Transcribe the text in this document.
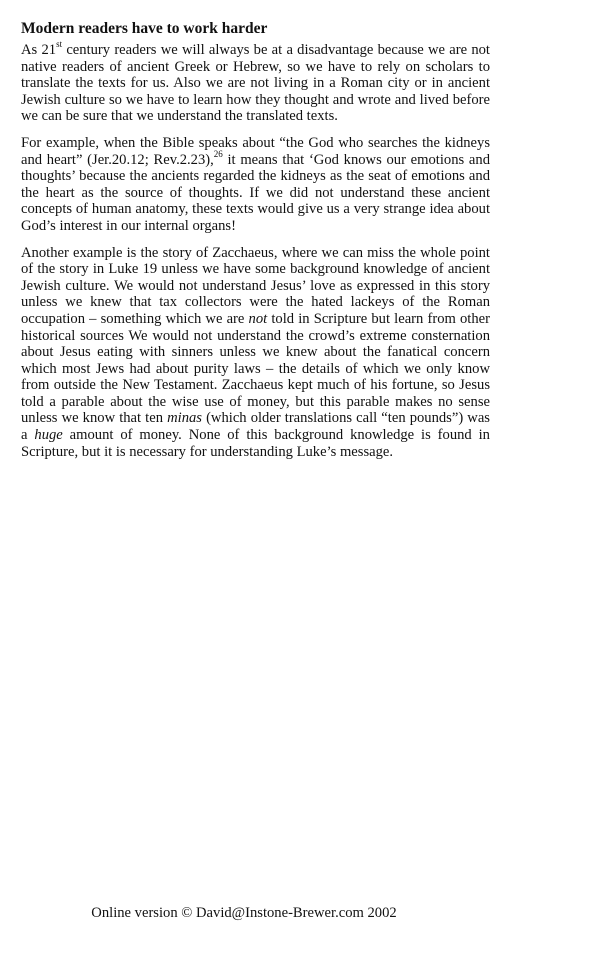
Modern readers have to work harder

As 21st century readers we will always be at a disadvantage because we are not native readers of ancient Greek or Hebrew, so we have to rely on scholars to translate the texts for us. Also we are not living in a Roman city or in ancient Jewish culture so we have to learn how they thought and wrote and lived before we can be sure that we understand the translated texts.

For example, when the Bible speaks about “the God who searches the kidneys and heart” (Jer.20.12; Rev.2.23),$^{26}$ it means that ‘God knows our emotions and thoughts’ because the ancients regarded the kidneys as the seat of emotions and the heart as the source of thoughts. If we did not understand these ancient concepts of human anatomy, these texts would give us a very strange idea about God’s interest in our internal organs!

Another example is the story of Zacchaeus, where we can miss the whole point of the story in Luke 19 unless we have some background knowledge of ancient Jewish culture. We would not understand Jesus’ love as expressed in this story unless we knew that tax collectors were the hated lackeys of the Roman occupation – something which we are not told in Scripture but learn from other historical sources We would not understand the crowd’s extreme consternation about Jesus eating with sinners unless we knew about the fanatical concern which most Jews had about purity laws – the details of which we only know from outside the New Testament. Zacchaeus kept much of his fortune, so Jesus told a parable about the wise use of money, but this parable makes no sense unless we know that ten minas (which older translations call “ten pounds”) was a huge amount of money. None of this background knowledge is found in Scripture, but it is necessary for understanding Luke’s message.

Online version © David@Instone-Brewer.com 2002
